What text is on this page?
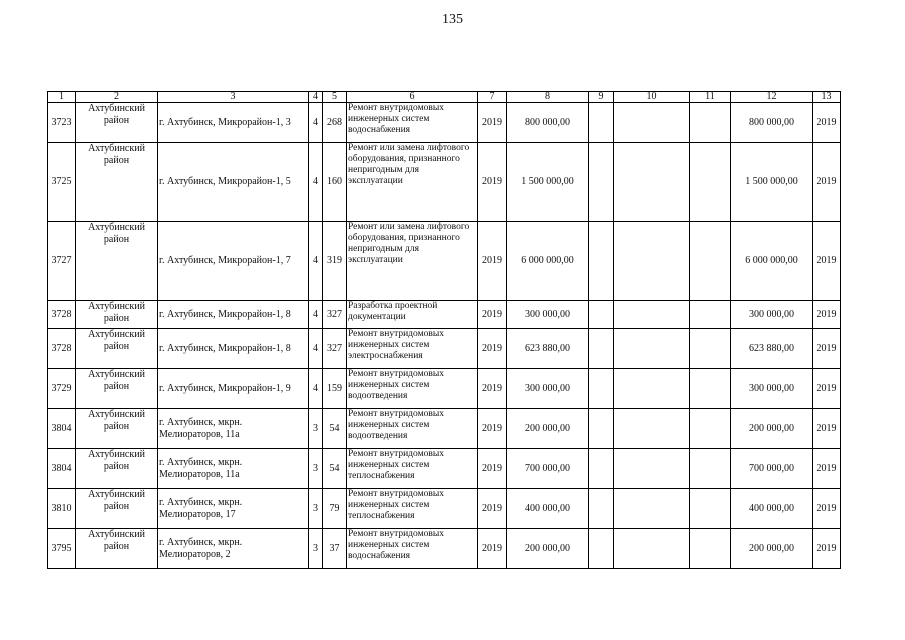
135
1	2	3	4	5	6	7	8	9	10	11	12	13
3723	Ахтубинский район	г. Ахтубинск, Микрорайон-1, 3	4	268	Ремонт внутридомовых инженерных систем водоснабжения	2019	800 000,00				800 000,00	2019
3725	Ахтубинский район	г. Ахтубинск, Микрорайон-1, 5	4	160	Ремонт или замена лифтового оборудования, признанного непригодным для эксплуатации	2019	1 500 000,00				1 500 000,00	2019
3727	Ахтубинский район	г. Ахтубинск, Микрорайон-1, 7	4	319	Ремонт или замена лифтового оборудования, признанного непригодным для эксплуатации	2019	6 000 000,00				6 000 000,00	2019
3728	Ахтубинский район	г. Ахтубинск, Микрорайон-1, 8	4	327	Разработка проектной документации	2019	300 000,00				300 000,00	2019
3728	Ахтубинский район	г. Ахтубинск, Микрорайон-1, 8	4	327	Ремонт внутридомовых инженерных систем электроснабжения	2019	623 880,00				623 880,00	2019
3729	Ахтубинский район	г. Ахтубинск, Микрорайон-1, 9	4	159	Ремонт внутридомовых инженерных систем водоотведения	2019	300 000,00				300 000,00	2019
3804	Ахтубинский район	г. Ахтубинск, мкрн. Мелиораторов, 11а	3	54	Ремонт внутридомовых инженерных систем водоотведения	2019	200 000,00				200 000,00	2019
3804	Ахтубинский район	г. Ахтубинск, мкрн. Мелиораторов, 11а	3	54	Ремонт внутридомовых инженерных систем теплоснабжения	2019	700 000,00				700 000,00	2019
3810	Ахтубинский район	г. Ахтубинск, мкрн. Мелиораторов, 17	3	79	Ремонт внутридомовых инженерных систем теплоснабжения	2019	400 000,00				400 000,00	2019
3795	Ахтубинский район	г. Ахтубинск, мкрн. Мелиораторов, 2	3	37	Ремонт внутридомовых инженерных систем водоснабжения	2019	200 000,00				200 000,00	2019
